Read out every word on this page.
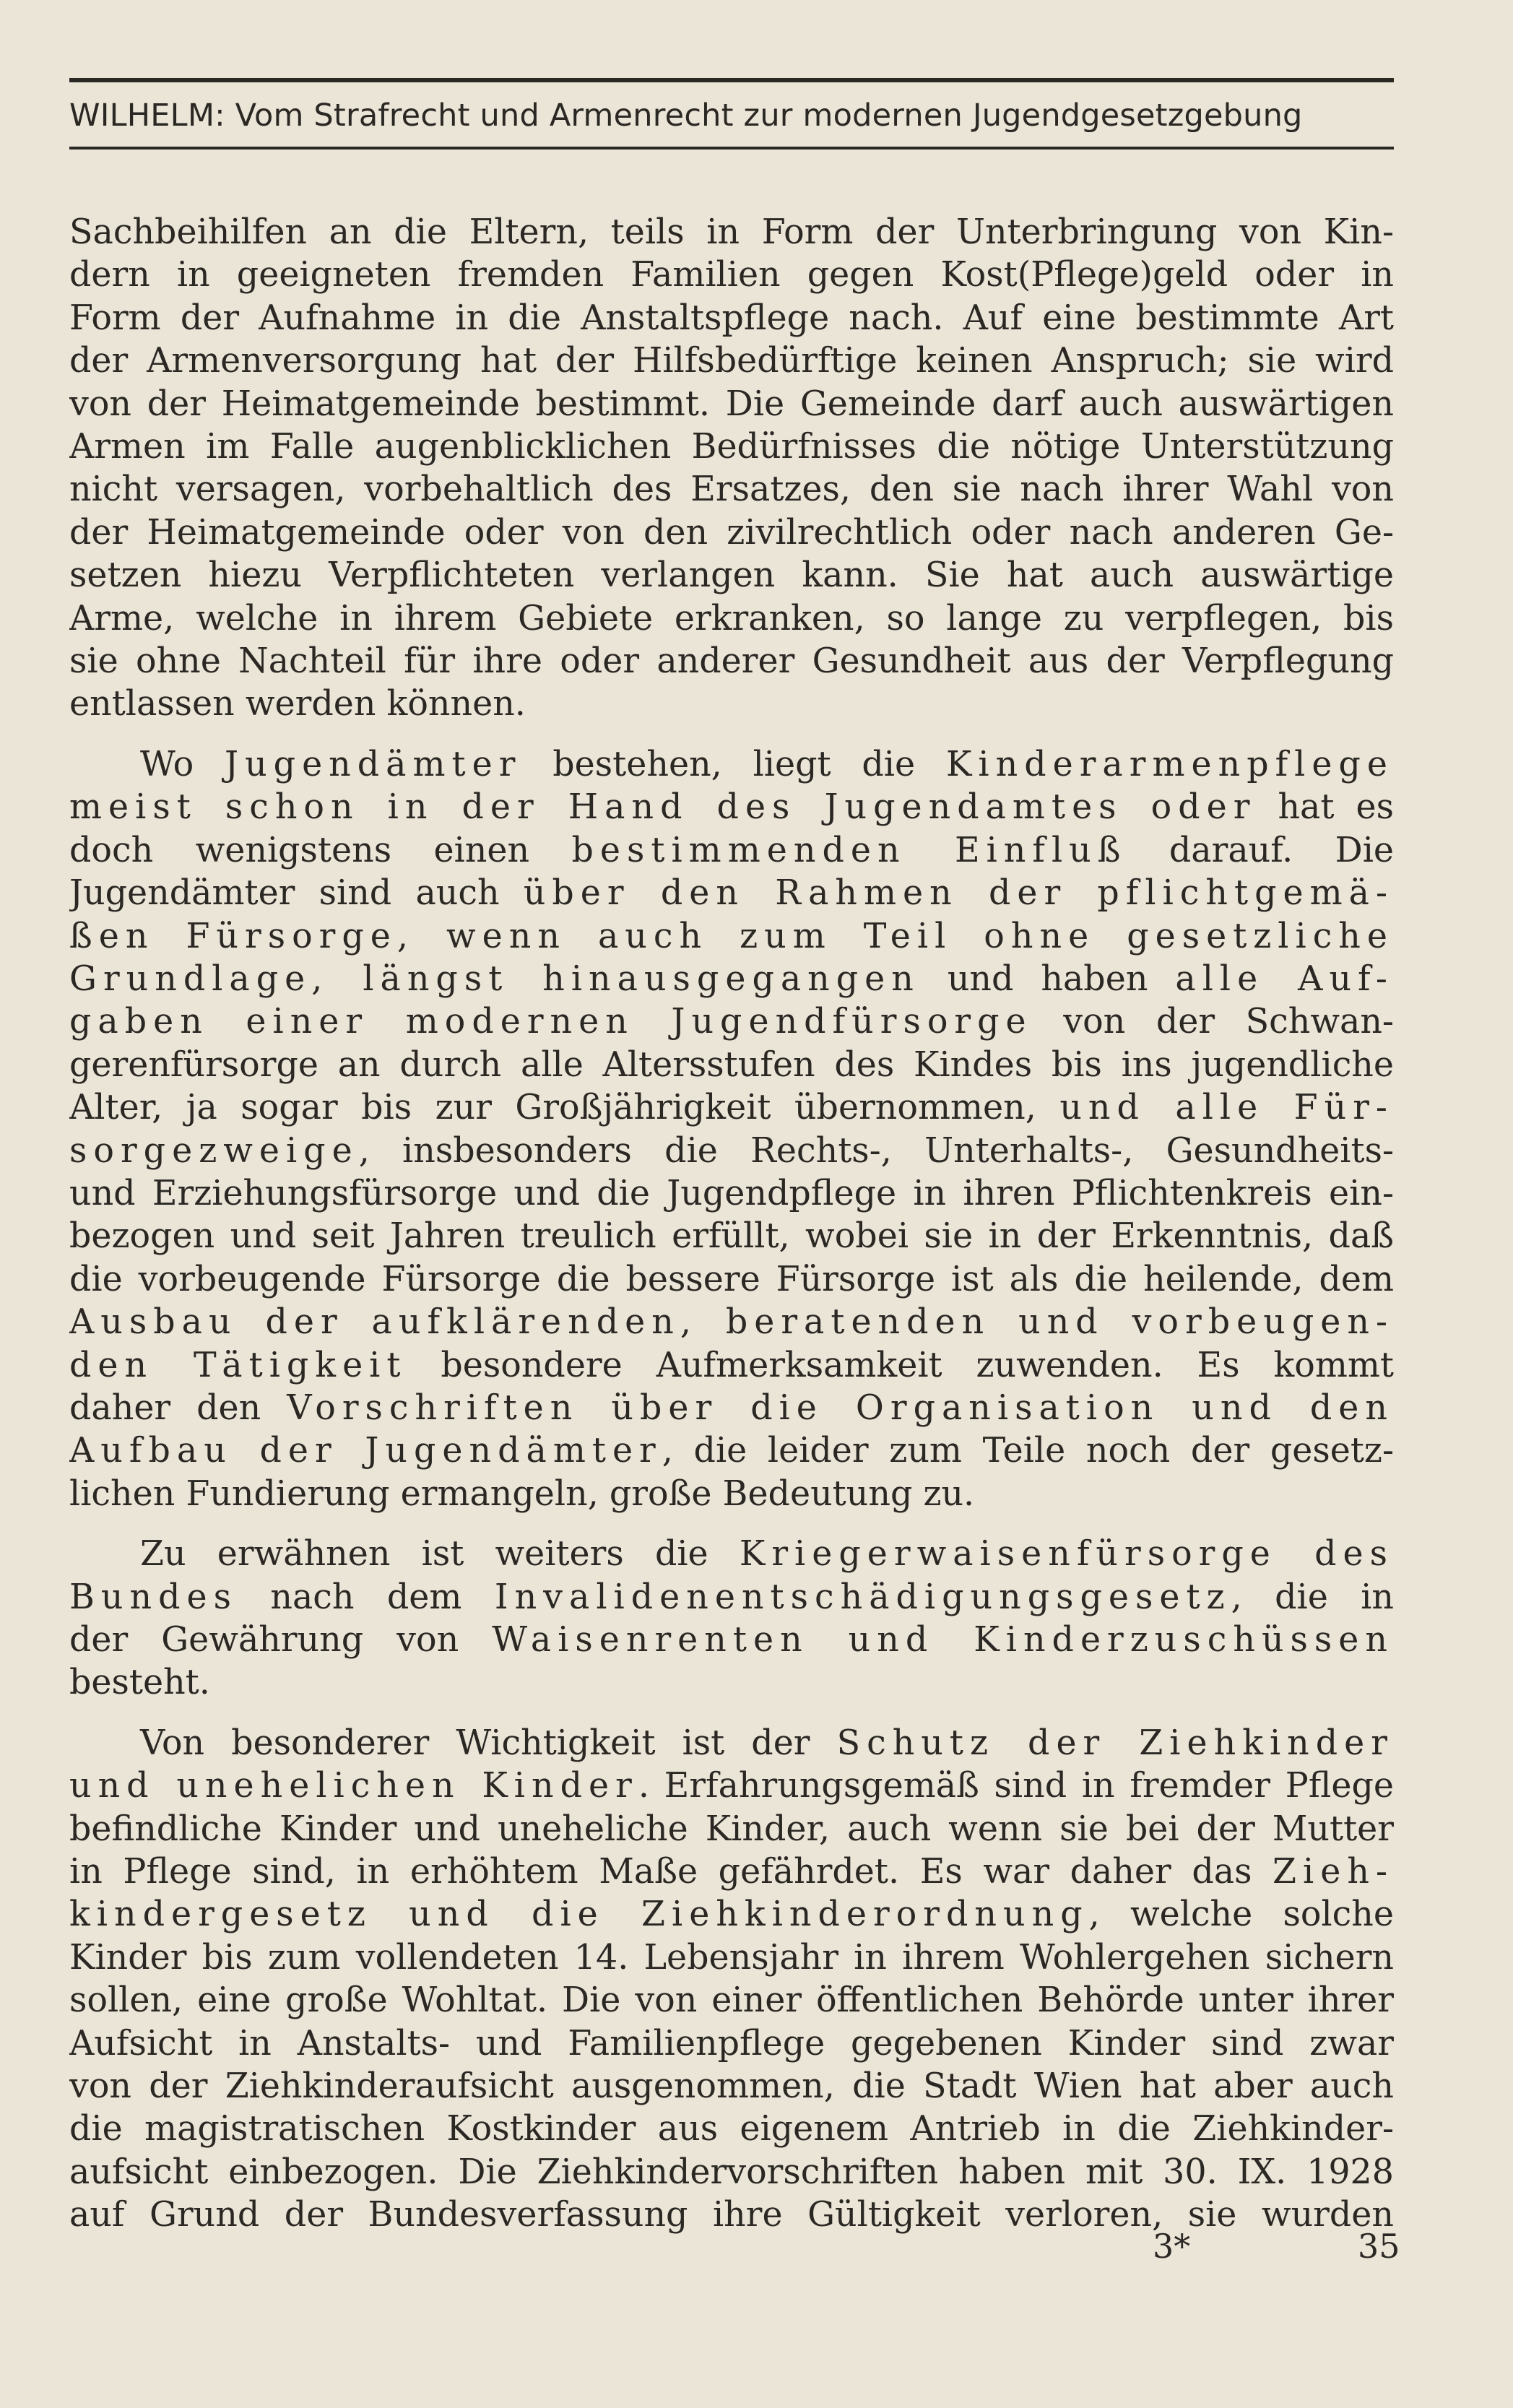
WILHELM: Vom Strafrecht und Armenrecht zur modernen Jugendgesetzgebung

Sachbeihilfen an die Eltern, teils in Form der Unterbringung von Kin-
dern in geeigneten fremden Familien gegen Kost(Pflege)geld oder in
Form der Aufnahme in die Anstaltspflege nach. Auf eine bestimmte Art
der Armenversorgung hat der Hilfsbedürftige keinen Anspruch; sie wird
von der Heimatgemeinde bestimmt. Die Gemeinde darf auch auswärtigen
Armen im Falle augenblicklichen Bedürfnisses die nötige Unterstützung
nicht versagen, vorbehaltlich des Ersatzes, den sie nach ihrer Wahl von
der Heimatgemeinde oder von den zivilrechtlich oder nach anderen Ge-
setzen hiezu Verpflichteten verlangen kann. Sie hat auch auswärtige
Arme, welche in ihrem Gebiete erkranken, so lange zu verpflegen, bis
sie ohne Nachteil für ihre oder anderer Gesundheit aus der Verpflegung
entlassen werden können.

Wo Jugendämter bestehen, liegt die Kinderarmenpflege
meist schon in der Hand des Jugendamtes oder hat es
doch wenigstens einen bestimmenden Einfluß darauf. Die
Jugendämter sind auch über den Rahmen der pflichtgemä-
ßen Fürsorge, wenn auch zum Teil ohne gesetzliche
Grundlage, längst hinausgegangen und haben alle Auf-
gaben einer modernen Jugendfürsorge von der Schwan-
gerenfürsorge an durch alle Altersstufen des Kindes bis ins jugendliche
Alter, ja sogar bis zur Großjährigkeit übernommen, und alle Für-
sorgezweige, insbesonders die Rechts-, Unterhalts-, Gesundheits-
und Erziehungsfürsorge und die Jugendpflege in ihren Pflichtenkreis ein-
bezogen und seit Jahren treulich erfüllt, wobei sie in der Erkenntnis, daß
die vorbeugende Fürsorge die bessere Fürsorge ist als die heilende, dem
Ausbau der aufklärenden, beratenden und vorbeugen-
den Tätigkeit besondere Aufmerksamkeit zuwenden. Es kommt
daher den Vorschriften über die Organisation und den
Aufbau der Jugendämter, die leider zum Teile noch der gesetz-
lichen Fundierung ermangeln, große Bedeutung zu.

Zu erwähnen ist weiters die Kriegerwaisenfürsorge des
Bundes nach dem Invalidenentschädigungsgesetz, die in
der Gewährung von Waisenrenten und Kinderzuschüssen
besteht.

Von besonderer Wichtigkeit ist der Schutz der Ziehkinder
und unehelichen Kinder. Erfahrungsgemäß sind in fremder Pflege
befindliche Kinder und uneheliche Kinder, auch wenn sie bei der Mutter
in Pflege sind, in erhöhtem Maße gefährdet. Es war daher das Zieh-
kindergesetz und die Ziehkinderordnung, welche solche
Kinder bis zum vollendeten 14. Lebensjahr in ihrem Wohlergehen sichern
sollen, eine große Wohltat. Die von einer öffentlichen Behörde unter ihrer
Aufsicht in Anstalts- und Familienpflege gegebenen Kinder sind zwar
von der Ziehkinderaufsicht ausgenommen, die Stadt Wien hat aber auch
die magistratischen Kostkinder aus eigenem Antrieb in die Ziehkinder-
aufsicht einbezogen. Die Ziehkindervorschriften haben mit 30. IX. 1928
auf Grund der Bundesverfassung ihre Gültigkeit verloren, sie wurden

3*	35
